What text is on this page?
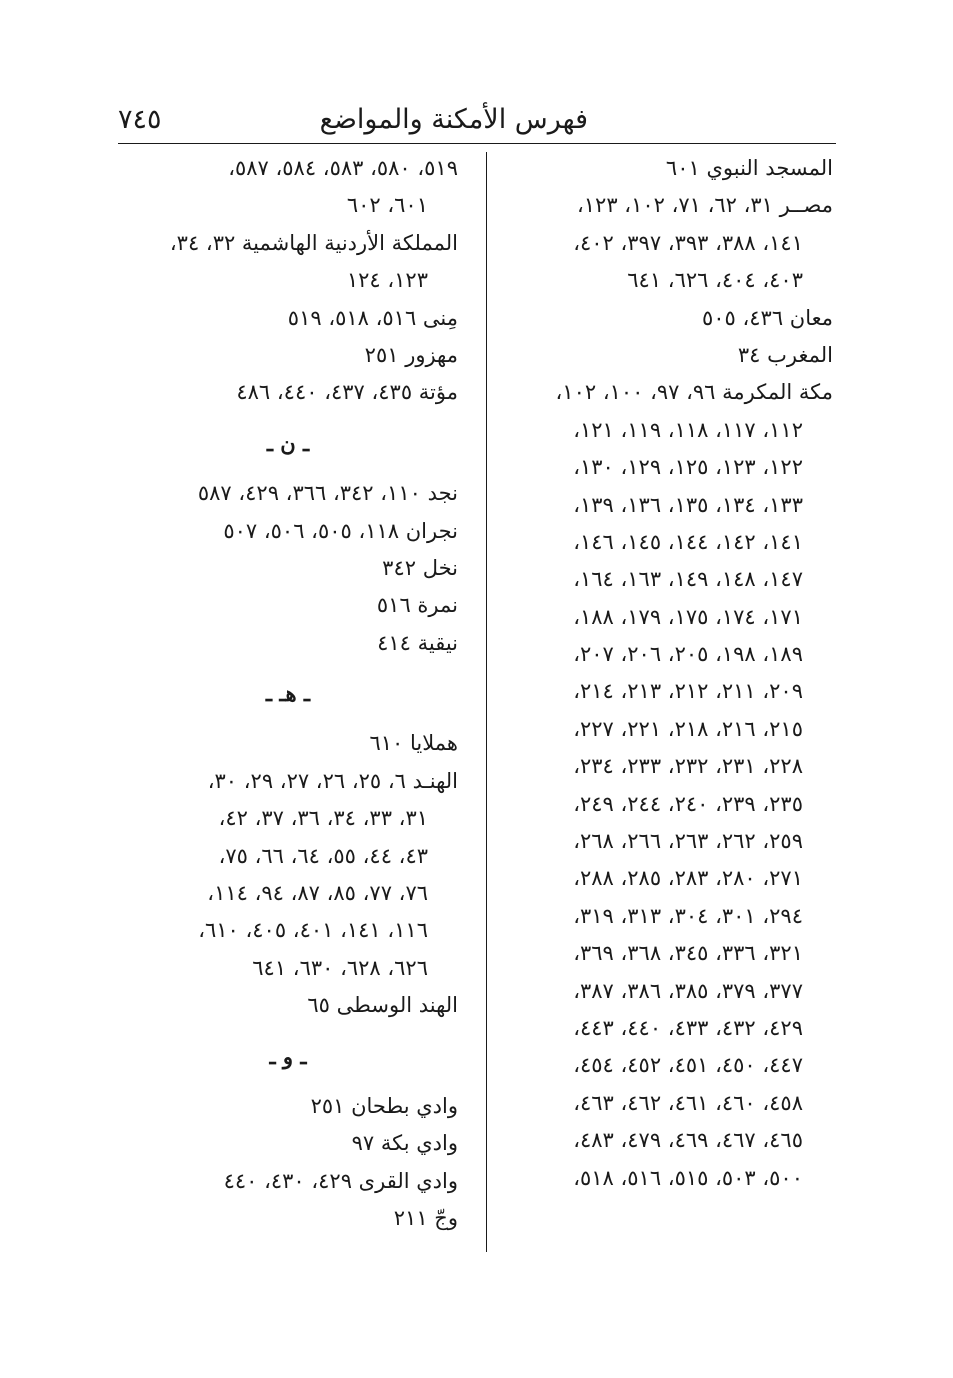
فهرس الأمكنة والمواضع
٧٤٥
المسجد النبوي ٦٠١
مصــر ٣١، ٦٢، ٧١، ١٠٢، ١٢٣،
١٤١، ٣٨٨، ٣٩٣، ٣٩٧، ٤٠٢،
٤٠٣، ٤٠٤، ٦٢٦، ٦٤١
معان ٤٣٦، ٥٠٥
المغرب ٣٤
مكة المكرمة ٩٦، ٩٧، ١٠٠، ١٠٢،
١١٢، ١١٧، ١١٨، ١١٩، ١٢١،
١٢٢، ١٢٣، ١٢٥، ١٢٩، ١٣٠،
١٣٣، ١٣٤، ١٣٥، ١٣٦، ١٣٩،
١٤١، ١٤٢، ١٤٤، ١٤٥، ١٤٦،
١٤٧، ١٤٨، ١٤٩، ١٦٣، ١٦٤،
١٧١، ١٧٤، ١٧٥، ١٧٩، ١٨٨،
١٨٩، ١٩٨، ٢٠٥، ٢٠٦، ٢٠٧،
٢٠٩، ٢١١، ٢١٢، ٢١٣، ٢١٤،
٢١٥، ٢١٦، ٢١٨، ٢٢١، ٢٢٧،
٢٢٨، ٢٣١، ٢٣٢، ٢٣٣، ٢٣٤،
٢٣٥، ٢٣٩، ٢٤٠، ٢٤٤، ٢٤٩،
٢٥٩، ٢٦٢، ٢٦٣، ٢٦٦، ٢٦٨،
٢٧١، ٢٨٠، ٢٨٣، ٢٨٥، ٢٨٨،
٢٩٤، ٣٠١، ٣٠٤، ٣١٣، ٣١٩،
٣٢١، ٣٣٦، ٣٤٥، ٣٦٨، ٣٦٩،
٣٧٧، ٣٧٩، ٣٨٥، ٣٨٦، ٣٨٧،
٤٢٩، ٤٣٢، ٤٣٣، ٤٤٠، ٤٤٣،
٤٤٧، ٤٥٠، ٤٥١، ٤٥٢، ٤٥٤،
٤٥٨، ٤٦٠، ٤٦١، ٤٦٢، ٤٦٣،
٤٦٥، ٤٦٧، ٤٦٩، ٤٧٩، ٤٨٣،
٥٠٠، ٥٠٣، ٥١٥، ٥١٦، ٥١٨،
٥١٩، ٥٨٠، ٥٨٣، ٥٨٤، ٥٨٧،
٦٠١، ٦٠٢
المملكة الأردنية الهاشمية ٣٢، ٣٤،
١٢٣، ١٢٤
مِنى ٥١٦، ٥١٨، ٥١٩
مهزور ٢٥١
مؤتة ٤٣٥، ٤٣٧، ٤٤٠، ٤٨٦
ـ ن ـ
نجد ١١٠، ٣٤٢، ٣٦٦، ٤٢٩، ٥٨٧
نجران ١١٨، ٥٠٥، ٥٠٦، ٥٠٧
نخل ٣٤٢
نمرة ٥١٦
نيقية ٤١٤
ـ هـ ـ
هملايا ٦١٠
الهنـد ٦، ٢٥، ٢٦، ٢٧، ٢٩، ٣٠،
٣١، ٣٣، ٣٤، ٣٦، ٣٧، ٤٢،
٤٣، ٤٤، ٥٥، ٦٤، ٦٦، ٧٥،
٧٦، ٧٧، ٨٥، ٨٧، ٩٤، ١١٤،
١١٦، ١٤١، ٤٠١، ٤٠٥، ٦١٠،
٦٢٦، ٦٢٨، ٦٣٠، ٦٤١
الهند الوسطى ٦٥
ـ و ـ
وادي بطحان ٢٥١
وادي بكة ٩٧
وادي القرى ٤٢٩، ٤٣٠، ٤٤٠
وجّ ٢١١
